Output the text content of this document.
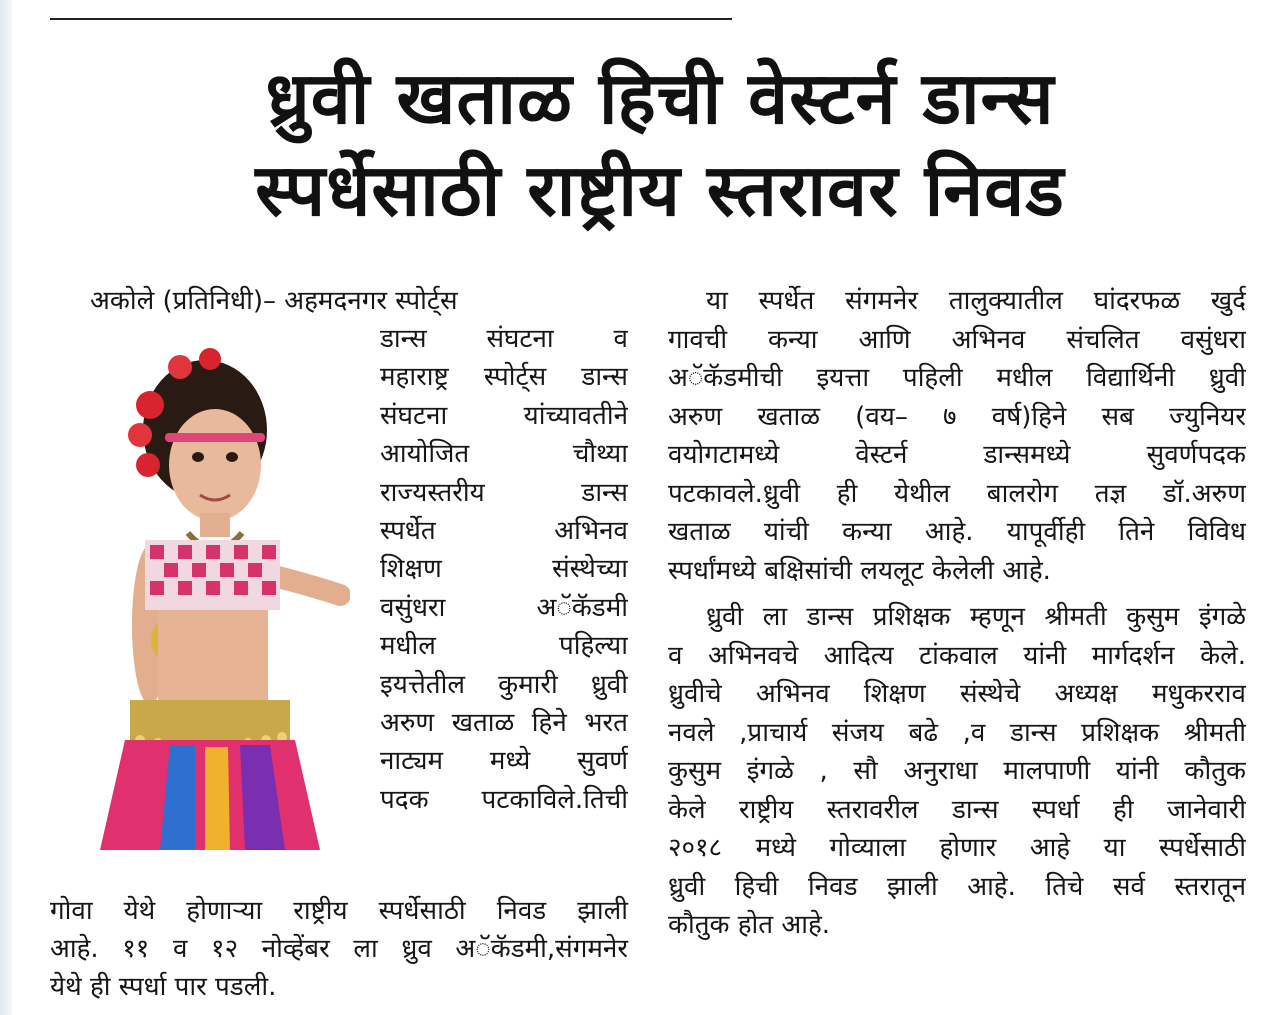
ध्रुवी खताळ हिची वेस्टर्न डान्स
स्पर्धेसाठी राष्ट्रीय स्तरावर निवड

अकोले (प्रतिनिधी)– अहमदनगर स्पोर्ट्स

डान्स संघटना व
महाराष्ट्र स्पोर्ट्स डान्स
संघटना यांच्यावतीने
आयोजित चौथ्या
राज्यस्तरीय डान्स
स्पर्धेत अभिनव
शिक्षण संस्थेच्या
वसुंधरा अॅकॅडमी
मधील पहिल्या
इयत्तेतील कुमारी ध्रुवी
अरुण खताळ हिने भरत
नाट्यम मध्ये सुवर्ण
पदक पटकाविले.तिची

गोवा येथे होणाऱ्या राष्ट्रीय स्पर्धेसाठी निवड झाली
आहे. ११ व १२ नोव्हेंबर ला ध्रुव अॅकॅडमी,संगमनेर
येथे ही स्पर्धा पार पडली.

या स्पर्धेत संगमनेर तालुक्यातील घांदरफळ खुर्द
गावची कन्या आणि अभिनव संचलित वसुंधरा
अॅकॅडमीची इयत्ता पहिली मधील विद्यार्थिनी ध्रुवी
अरुण खताळ (वय– ७ वर्ष)हिने सब ज्युनियर
वयोगटामध्ये वेस्टर्न डान्समध्ये सुवर्णपदक
पटकावले.ध्रुवी ही येथील बालरोग तज्ञ डॉ.अरुण
खताळ यांची कन्या आहे. यापूर्वीही तिने विविध
स्पर्धांमध्ये बक्षिसांची लयलूट केलेली आहे.

ध्रुवी ला डान्स प्रशिक्षक म्हणून श्रीमती कुसुम इंगळे
व अभिनवचे आदित्य टांकवाल यांनी मार्गदर्शन केले.
ध्रुवीचे अभिनव शिक्षण संस्थेचे अध्यक्ष मधुकरराव
नवले ,प्राचार्य संजय बढे ,व डान्स प्रशिक्षक श्रीमती
कुसुम इंगळे , सौ अनुराधा मालपाणी यांनी कौतुक
केले राष्ट्रीय स्तरावरील डान्स स्पर्धा ही जानेवारी
२०१८ मध्ये गोव्याला होणार आहे या स्पर्धेसाठी
ध्रुवी हिची निवड झाली आहे. तिचे सर्व स्तरातून
कौतुक होत आहे.
